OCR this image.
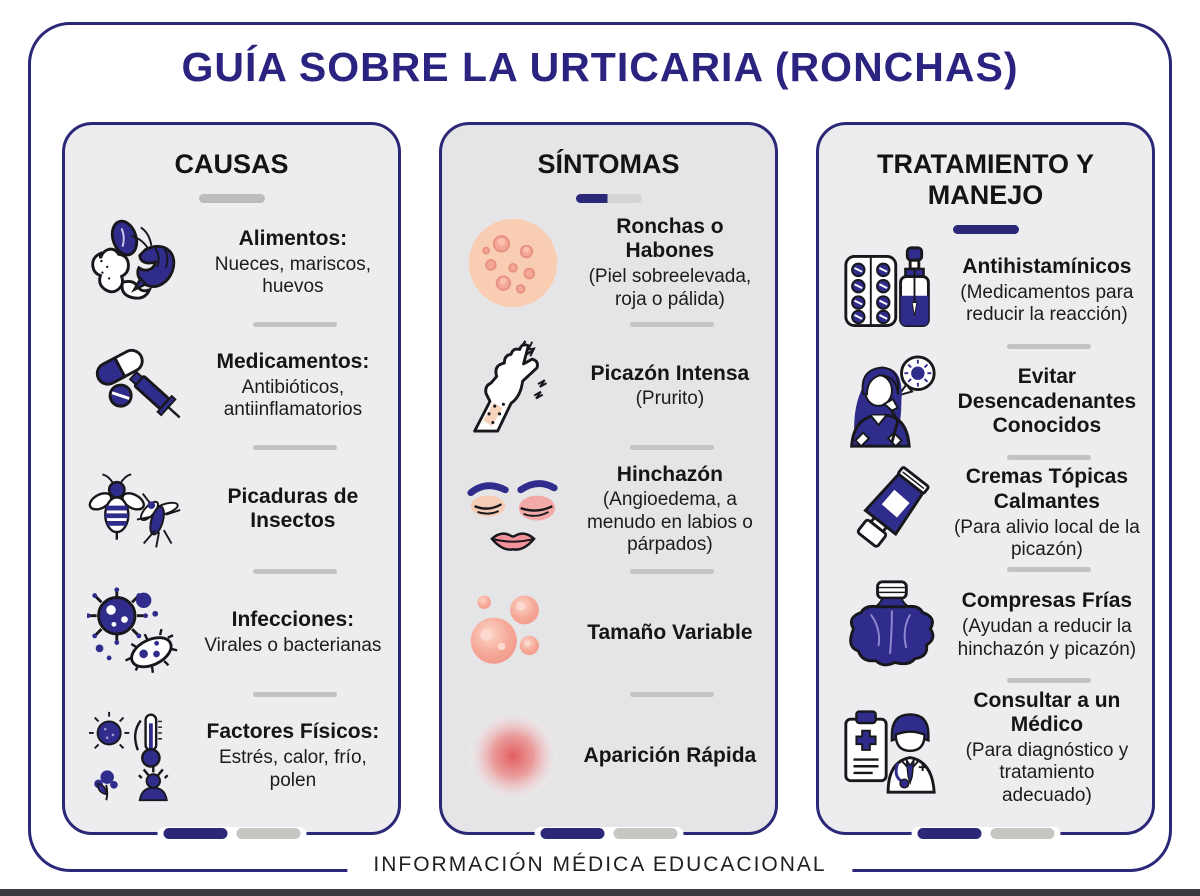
GUÍA SOBRE LA URTICARIA (RONCHAS)
CAUSAS
Alimentos:
Nueces, mariscos, huevos
Medicamentos:
Antibióticos, antiinflamatorios
Picaduras de Insectos
Infecciones:
Virales o bacterianas
Factores Físicos:
Estrés, calor, frío, polen
SÍNTOMAS
Ronchas o Habones
(Piel sobreelevada, roja o pálida)
Picazón Intensa
(Prurito)
Hinchazón
(Angioedema, a menudo en labios o párpados)
Tamaño Variable
Aparición Rápida
TRATAMIENTO Y MANEJO
Antihistamínicos
(Medicamentos para reducir la reacción)
Evitar Desencadenantes Conocidos
Cremas Tópicas Calmantes
(Para alivio local de la picazón)
Compresas Frías
(Ayudan a reducir la hinchazón y picazón)
Consultar a un Médico
(Para diagnóstico y tratamiento adecuado)
INFORMACIÓN MÉDICA EDUCACIONAL
